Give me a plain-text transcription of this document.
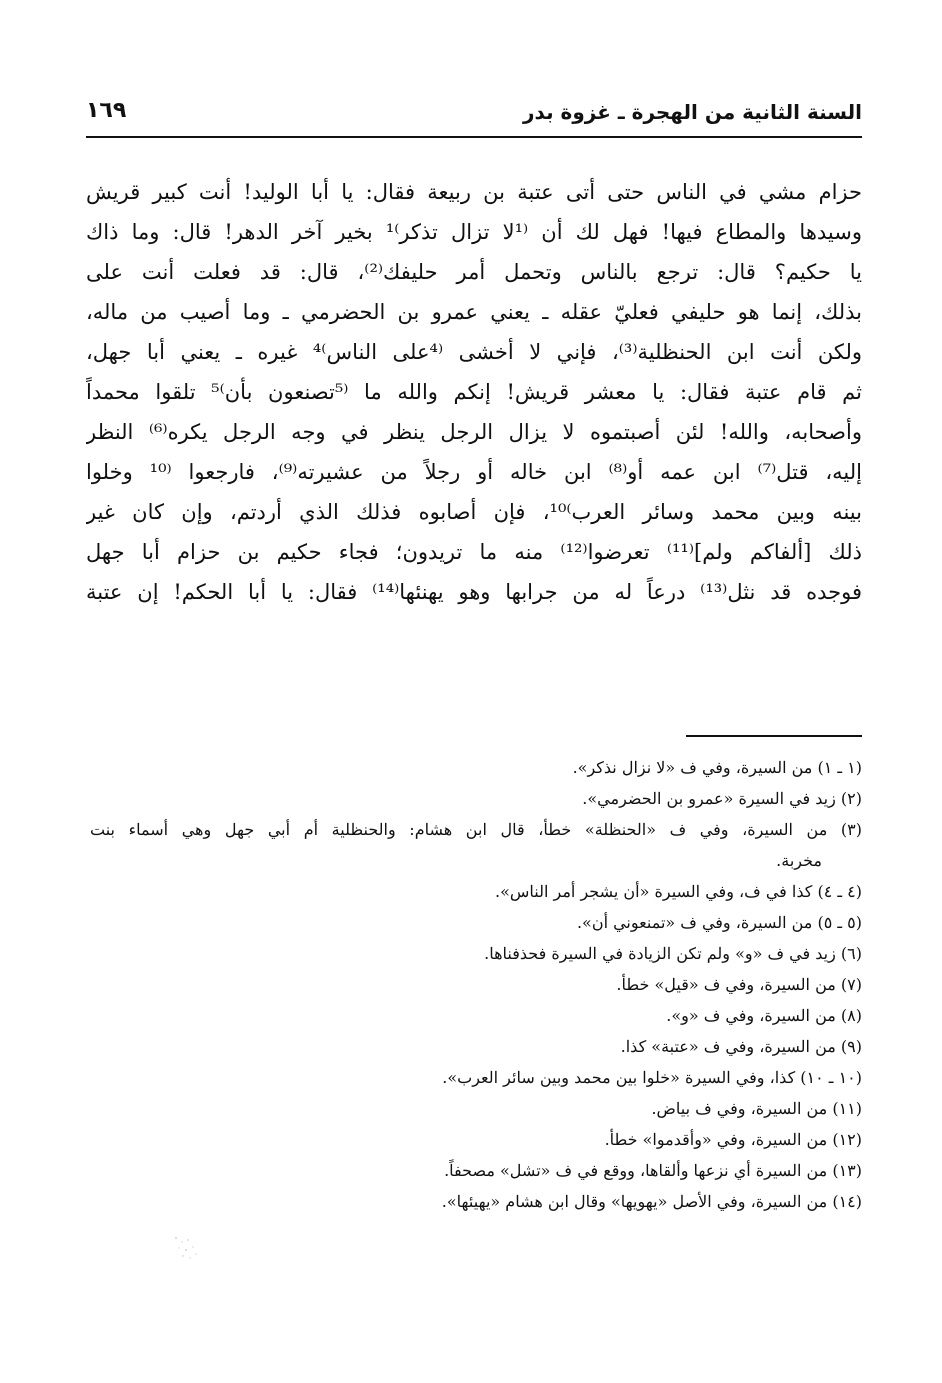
السنة الثانية من الهجرة ـ غزوة بدر
١٦٩
حزام مشي في الناس حتى أتى عتبة بن ربيعة فقال: يا أبا الوليد! أنت كبير قريش
وسيدها والمطاع فيها! فهل لك أن ⁽¹لا تزال تذكر⁾¹ بخير آخر الدهر! قال: وما ذاك
يا حكيم؟ قال: ترجع بالناس وتحمل أمر حليفك⁽²⁾، قال: قد فعلت أنت على
بذلك، إنما هو حليفي فعليّ عقله ـ يعني عمرو بن الحضرمي ـ وما أصيب من ماله،
ولكن أنت ابن الحنظلية⁽³⁾، فإني لا أخشى ⁽⁴على الناس⁾⁴ غيره ـ يعني أبا جهل،
ثم قام عتبة فقال: يا معشر قريش! إنكم والله ما ⁽⁵تصنعون بأن⁾⁵ تلقوا محمداً
وأصحابه، والله! لئن أصبتموه لا يزال الرجل ينظر في وجه الرجل يكره⁽⁶⁾ النظر
إليه، قتل⁽⁷⁾ ابن عمه أو⁽⁸⁾ ابن خاله أو رجلاً من عشيرته⁽⁹⁾، فارجعوا ⁽¹⁰ وخلوا
بينه وبين محمد وسائر العرب⁾¹⁰، فإن أصابوه فذلك الذي أردتم، وإن كان غير
ذلك [ألفاكم ولم]⁽¹¹⁾ تعرضوا⁽¹²⁾ منه ما تريدون؛ فجاء حكيم بن حزام أبا جهل
فوجده قد نثل⁽¹³⁾ درعاً له من جرابها وهو يهنئها⁽¹⁴⁾ فقال: يا أبا الحكم! إن عتبة
(١ ـ ١) من السيرة، وفي ف «لا نزال نذكر».
(٢) زيد في السيرة «عمرو بن الحضرمي».
(٣) من السيرة، وفي ف «الحنظلة» خطأ، قال ابن هشام: والحنظلية أم أبي جهل وهي أسماء بنت
مخربة.
(٤ ـ ٤) كذا في ف، وفي السيرة «أن يشجر أمر الناس».
(٥ ـ ٥) من السيرة، وفي ف «تمنعوني أن».
(٦) زيد في ف «و» ولم تكن الزيادة في السيرة فحذفناها.
(٧) من السيرة، وفي ف «قيل» خطأ.
(٨) من السيرة، وفي ف «و».
(٩) من السيرة، وفي ف «عتبة» كذا.
(١٠ ـ ١٠) كذا، وفي السيرة «خلوا بين محمد وبين سائر العرب».
(١١) من السيرة، وفي ف بياض.
(١٢) من السيرة، وفي «وأقدموا» خطأ.
(١٣) من السيرة أي نزعها وألقاها، ووقع في ف «تشل» مصحفاً.
(١٤) من السيرة، وفي الأصل «يهويها» وقال ابن هشام «يهيئها».
